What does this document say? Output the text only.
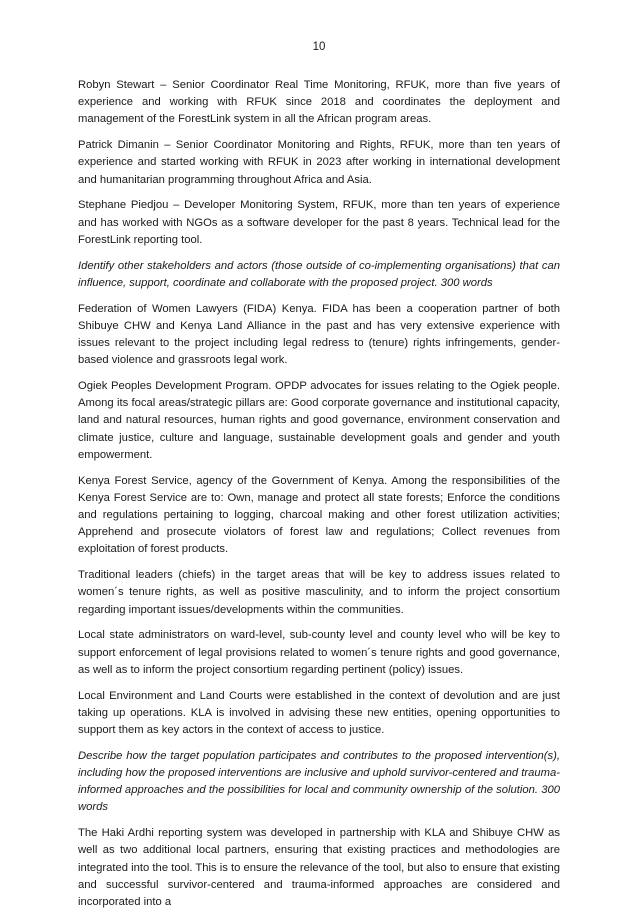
10

Robyn Stewart – Senior Coordinator Real Time Monitoring, RFUK, more than five years of experience and working with RFUK since 2018 and coordinates the deployment and management of the ForestLink system in all the African program areas.

Patrick Dimanin – Senior Coordinator Monitoring and Rights, RFUK, more than ten years of experience and started working with RFUK in 2023 after working in international development and humanitarian programming throughout Africa and Asia.

Stephane Piedjou – Developer Monitoring System, RFUK, more than ten years of experience and has worked with NGOs as a software developer for the past 8 years. Technical lead for the ForestLink reporting tool.

Identify other stakeholders and actors (those outside of co-implementing organisations) that can influence, support, coordinate and collaborate with the proposed project. 300 words

Federation of Women Lawyers (FIDA) Kenya. FIDA has been a cooperation partner of both Shibuye CHW and Kenya Land Alliance in the past and has very extensive experience with issues relevant to the project including legal redress to (tenure) rights infringements, gender-based violence and grassroots legal work.

Ogiek Peoples Development Program. OPDP advocates for issues relating to the Ogiek people. Among its focal areas/strategic pillars are: Good corporate governance and institutional capacity, land and natural resources, human rights and good governance, environment conservation and climate justice, culture and language, sustainable development goals and gender and youth empowerment.

Kenya Forest Service, agency of the Government of Kenya. Among the responsibilities of the Kenya Forest Service are to: Own, manage and protect all state forests; Enforce the conditions and regulations pertaining to logging, charcoal making and other forest utilization activities; Apprehend and prosecute violators of forest law and regulations; Collect revenues from exploitation of forest products.

Traditional leaders (chiefs) in the target areas that will be key to address issues related to women´s tenure rights, as well as positive masculinity, and to inform the project consortium regarding important issues/developments within the communities.

Local state administrators on ward-level, sub-county level and county level who will be key to support enforcement of legal provisions related to women´s tenure rights and good governance, as well as to inform the project consortium regarding pertinent (policy) issues.

Local Environment and Land Courts were established in the context of devolution and are just taking up operations. KLA is involved in advising these new entities, opening opportunities to support them as key actors in the context of access to justice.

Describe how the target population participates and contributes to the proposed intervention(s), including how the proposed interventions are inclusive and uphold survivor-centered and trauma-informed approaches and the possibilities for local and community ownership of the solution. 300 words

The Haki Ardhi reporting system was developed in partnership with KLA and Shibuye CHW as well as two additional local partners, ensuring that existing practices and methodologies are integrated into the tool. This is to ensure the relevance of the tool, but also to ensure that existing and successful survivor-centered and trauma-informed approaches are considered and incorporated into a
